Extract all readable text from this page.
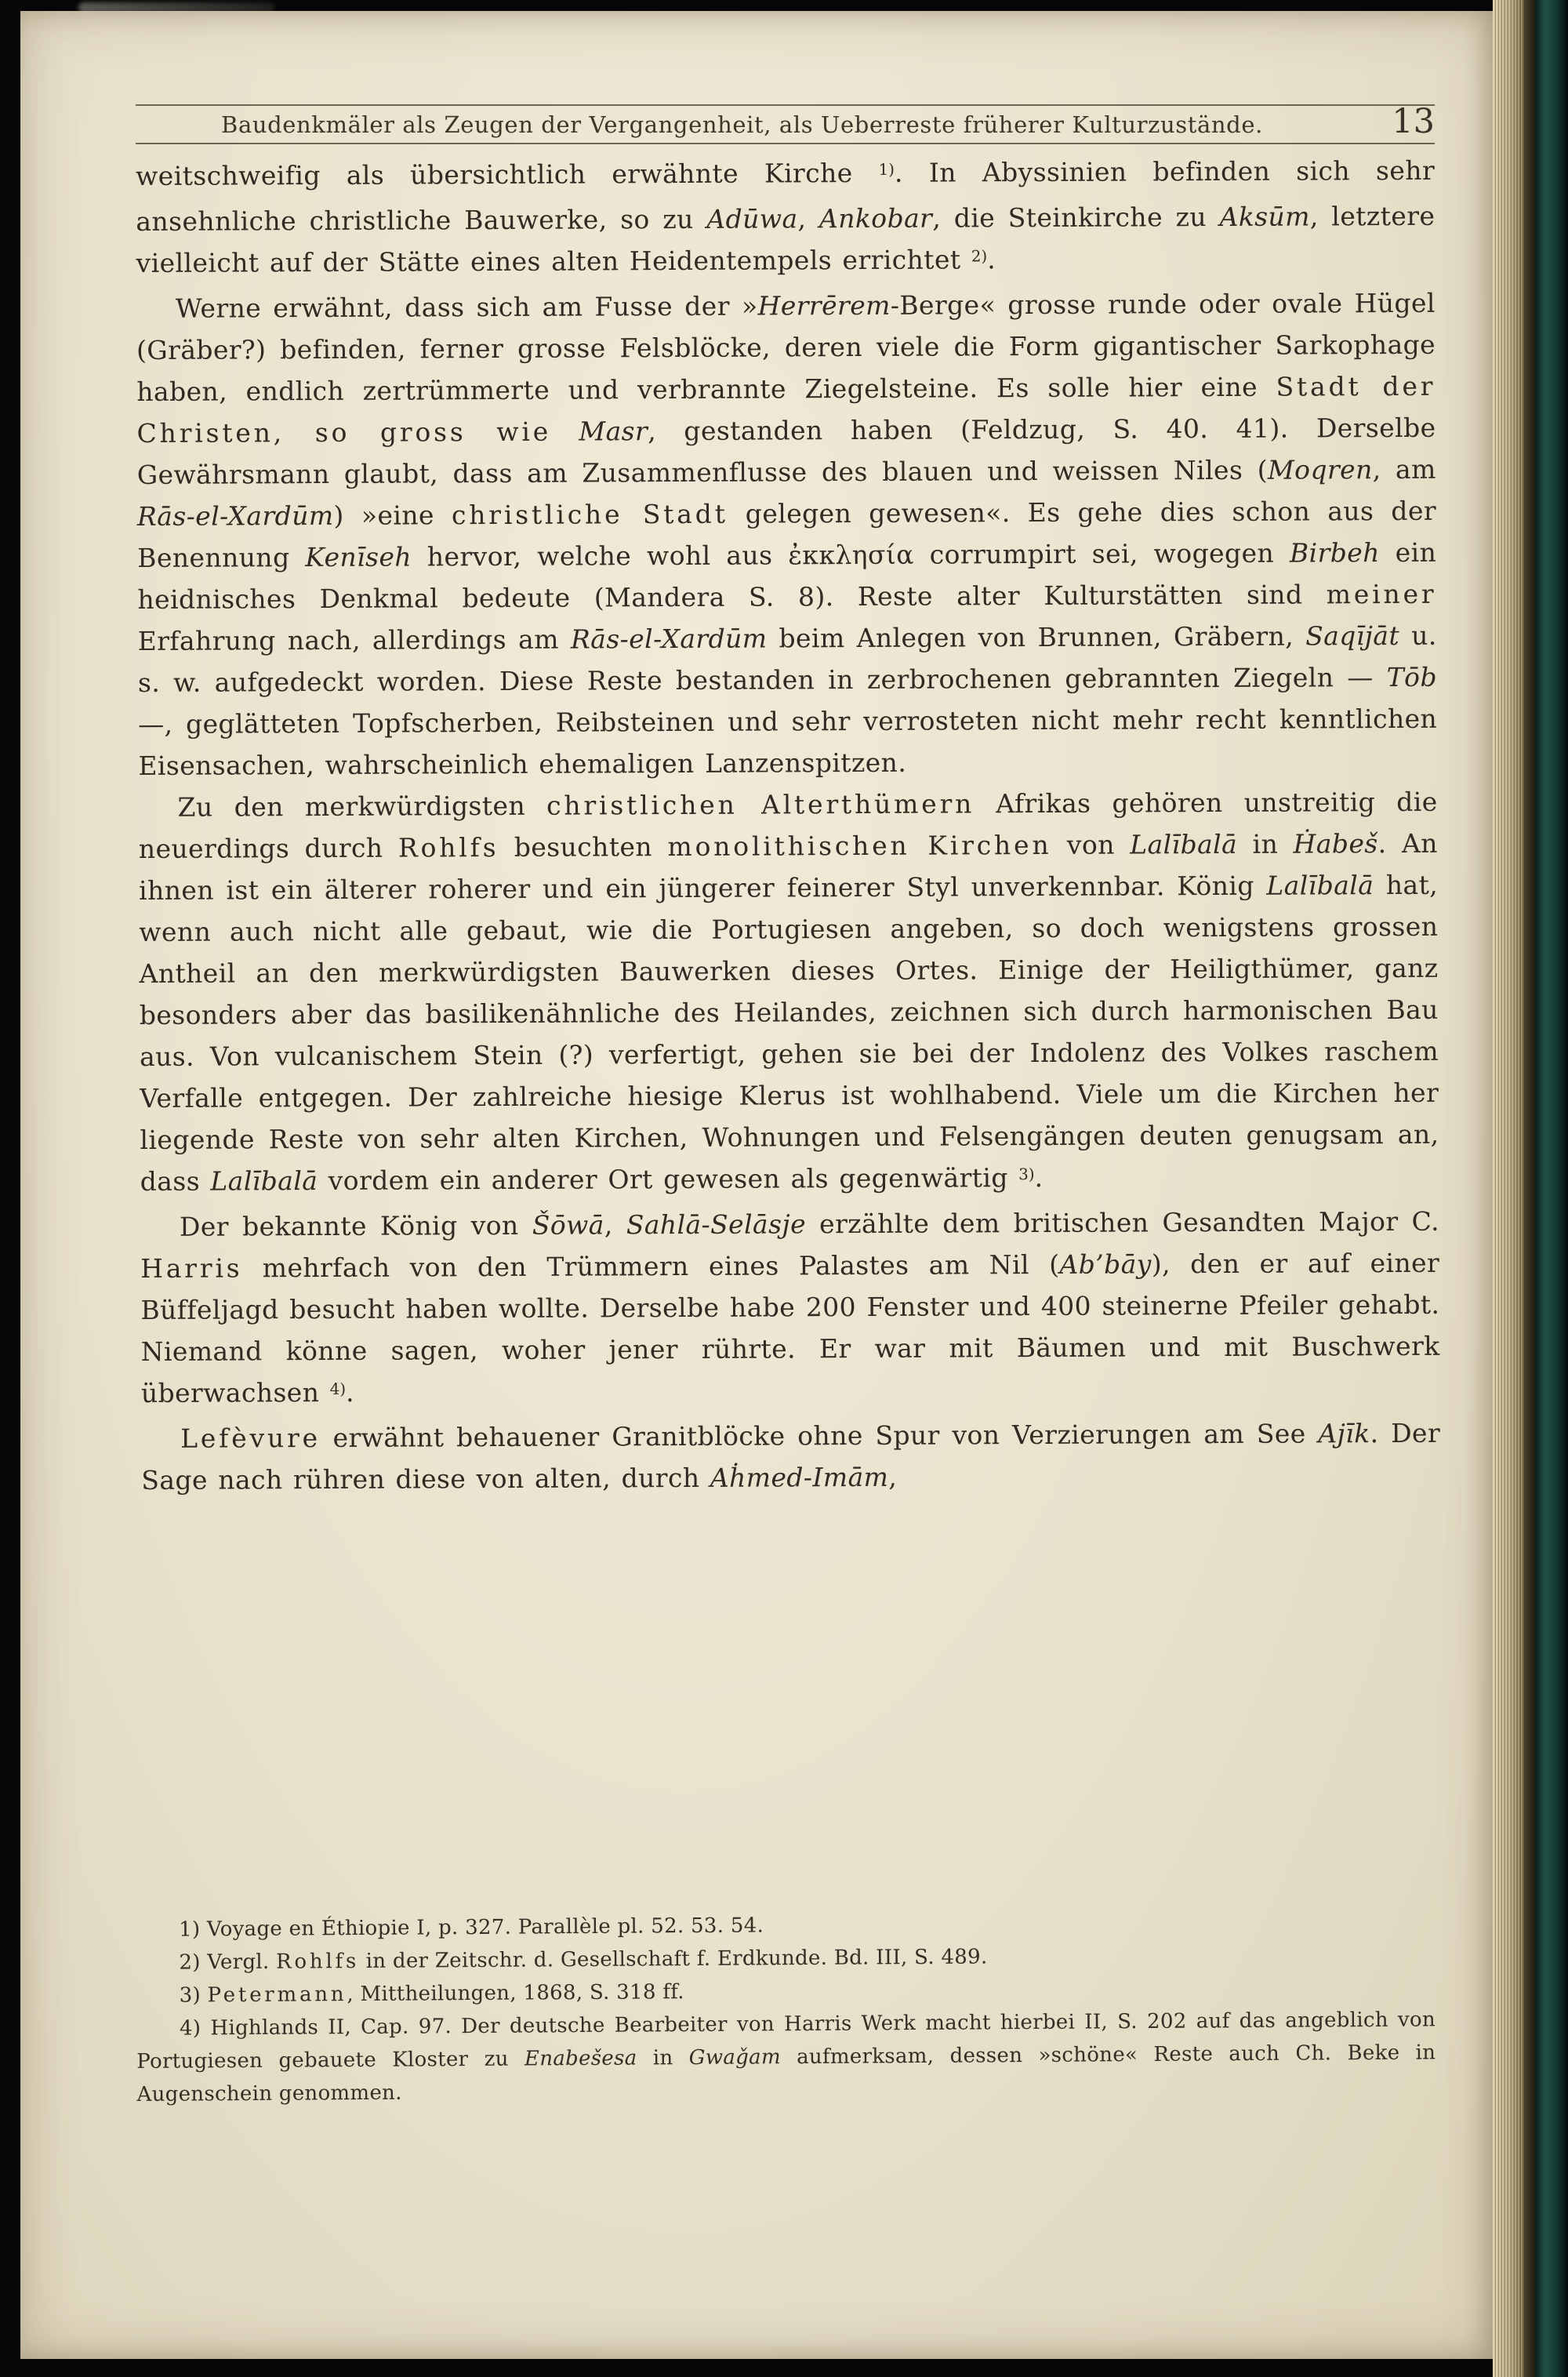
Baudenkmäler als Zeugen der Vergangenheit, als Ueberreste früherer Kulturzustände.	13

weitschweifig als übersichtlich erwähnte Kirche $^{1)}$. In Abyssinien befinden sich sehr ansehnliche christliche Bauwerke, so zu Adūwa, Ankobar, die Steinkirche zu Aksūm, letztere vielleicht auf der Stätte eines alten Heidentempels errichtet $^{2)}$.

Werne erwähnt, dass sich am Fusse der »Herrērem-Berge« grosse runde oder ovale Hügel (Gräber?) befinden, ferner grosse Felsblöcke, deren viele die Form gigantischer Sarkophage haben, endlich zertrümmerte und verbrannte Ziegelsteine. Es solle hier eine Stadt der Christen, so gross wie Masr, gestanden haben (Feldzug, S. 40. 41). Derselbe Gewährsmann glaubt, dass am Zusammenflusse des blauen und weissen Niles (Moqren, am Rās-el-Xardūm) »eine christliche Stadt gelegen gewesen«. Es gehe dies schon aus der Benennung Kenīseh hervor, welche wohl aus ἐκκλησία corrumpirt sei, wogegen Birbeh ein heidnisches Denkmal bedeute (Mandera S. 8). Reste alter Kulturstätten sind meiner Erfahrung nach, allerdings am Rās-el-Xardūm beim Anlegen von Brunnen, Gräbern, Saqījāt u. s. w. aufgedeckt worden. Diese Reste bestanden in zerbrochenen gebrannten Ziegeln — Tōb —, geglätteten Topfscherben, Reibsteinen und sehr verrosteten nicht mehr recht kenntlichen Eisensachen, wahrscheinlich ehemaligen Lanzenspitzen.

Zu den merkwürdigsten christlichen Alterthümern Afrikas gehören unstreitig die neuerdings durch Rohlfs besuchten monolithischen Kirchen von Lalībalā in Ḣabeš. An ihnen ist ein älterer roherer und ein jüngerer feinerer Styl unverkennbar. König Lalībalā hat, wenn auch nicht alle gebaut, wie die Portugiesen angeben, so doch wenigstens grossen Antheil an den merkwürdigsten Bauwerken dieses Ortes. Einige der Heiligthümer, ganz besonders aber das basilikenähnliche des Heilandes, zeichnen sich durch harmonischen Bau aus. Von vulcanischem Stein (?) verfertigt, gehen sie bei der Indolenz des Volkes raschem Verfalle entgegen. Der zahlreiche hiesige Klerus ist wohlhabend. Viele um die Kirchen her liegende Reste von sehr alten Kirchen, Wohnungen und Felsengängen deuten genugsam an, dass Lalībalā vordem ein anderer Ort gewesen als gegenwärtig $^{3)}$.

Der bekannte König von Šōwā, Sahlā-Selāsje erzählte dem britischen Gesandten Major C. Harris mehrfach von den Trümmern eines Palastes am Nil (Ab’bāy), den er auf einer Büffeljagd besucht haben wollte. Derselbe habe 200 Fenster und 400 steinerne Pfeiler gehabt. Niemand könne sagen, woher jener rührte. Er war mit Bäumen und mit Buschwerk überwachsen $^{4)}$.

Lefèvure erwähnt behauener Granitblöcke ohne Spur von Verzierungen am See Ajīk. Der Sage nach rühren diese von alten, durch Aḣmed-Imām,

1) Voyage en Éthiopie I, p. 327. Parallèle pl. 52. 53. 54.

2) Vergl. Rohlfs in der Zeitschr. d. Gesellschaft f. Erdkunde. Bd. III, S. 489.

3) Petermann, Mittheilungen, 1868, S. 318 ff.

4) Highlands II, Cap. 97. Der deutsche Bearbeiter von Harris Werk macht hierbei II, S. 202 auf das angeblich von Portugiesen gebauete Kloster zu Enabešesa in Gwaǧam aufmerksam, dessen »schöne« Reste auch Ch. Beke in Augenschein genommen.
